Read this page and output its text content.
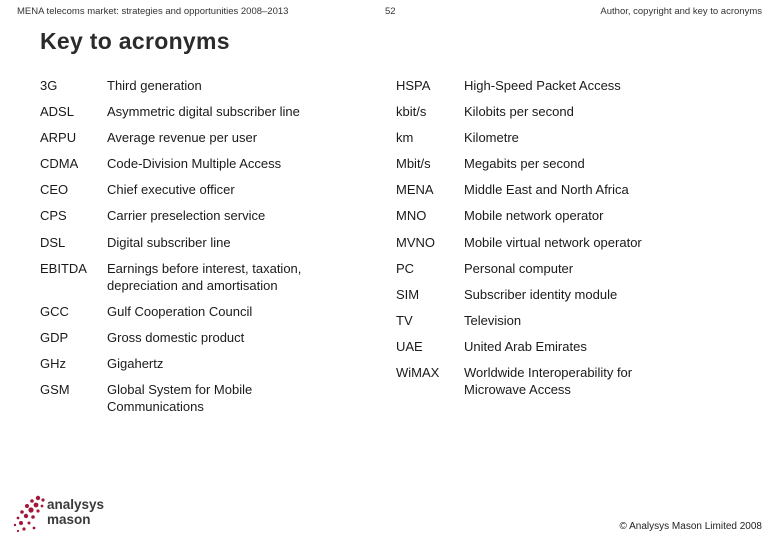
MENA telecoms market: strategies and opportunities 2008–2013	52	Author, copyright and key to acronyms
Key to acronyms
3G	Third generation
ADSL	Asymmetric digital subscriber line
ARPU Average revenue per user
CDMA Code-Division Multiple Access
CEO	Chief executive officer
CPS	Carrier preselection service
DSL	Digital subscriber line
EBITDA Earnings before interest, taxation, depreciation and amortisation
GCC	Gulf Cooperation Council
GDP	Gross domestic product
GHz	Gigahertz
GSM	Global System for Mobile Communications
HSPA	High-Speed Packet Access
kbit/s	Kilobits per second
km	Kilometre
Mbit/s	Megabits per second
MENA Middle East and North Africa
MNO	Mobile network operator
MVNO Mobile virtual network operator
PC	Personal computer
SIM	Subscriber identity module
TV	Television
UAE	United Arab Emirates
WiMAX Worldwide Interoperability for Microwave Access
analysys
mason	© Analysys Mason Limited 2008
